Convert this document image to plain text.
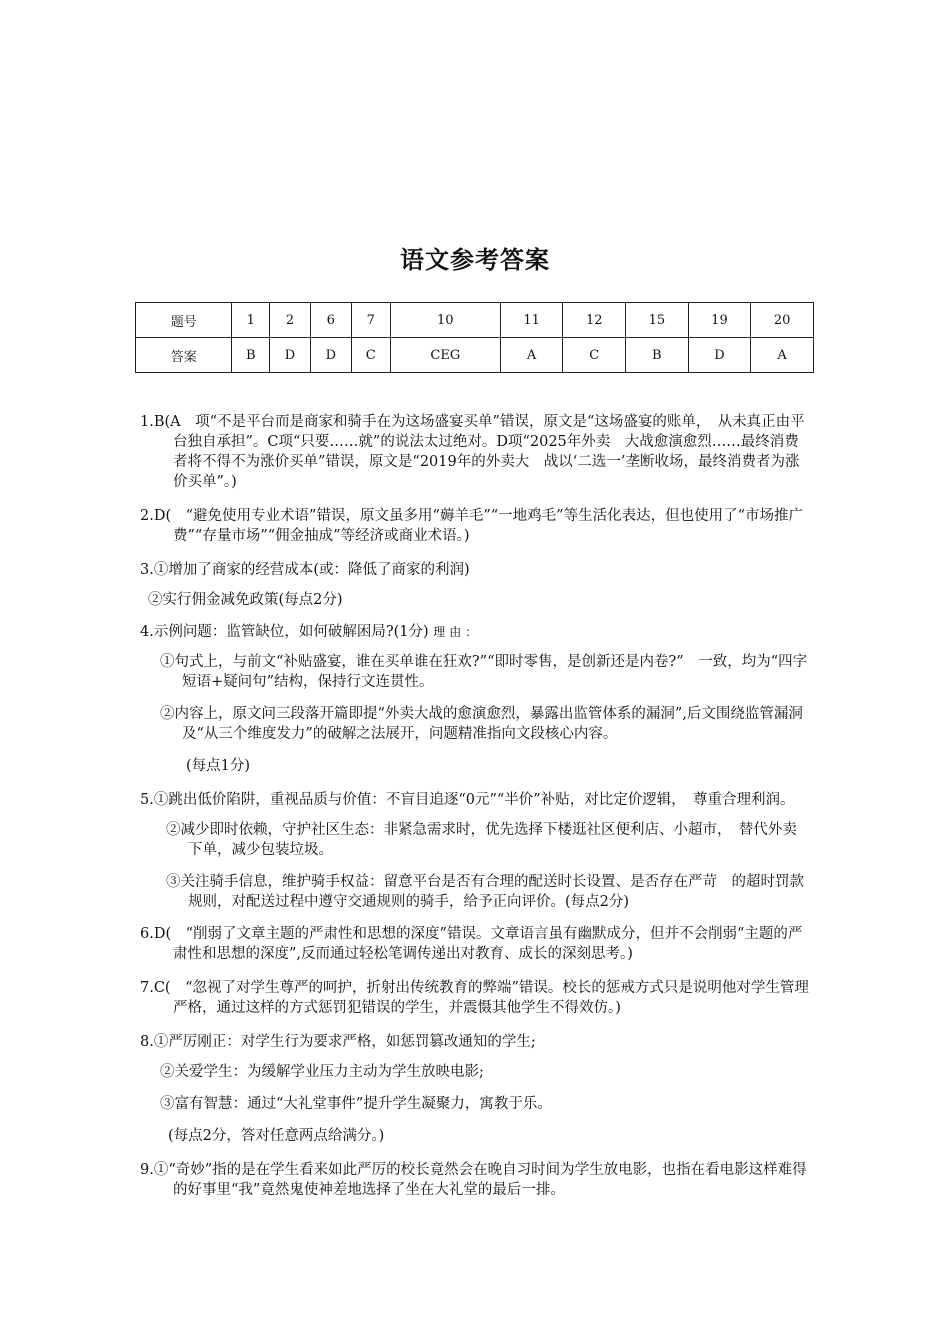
语文参考答案
题号	1	2	6	7	10	11	12	15	19	20
答案	B	D	D	C	CEG	A	C	B	D	A

1.B(A　项“不是平台而是商家和骑手在为这场盛宴买单”错误，原文是“这场盛宴的账单，　从未真正由平台独自承担”。C项“只要……就”的说法太过绝对。D项“2025年外卖　大战愈演愈烈……最终消费者将不得不为涨价买单”错误，原文是“2019年的外卖大　战以‘二选一’垄断收场，最终消费者为涨价买单”。)

2.D(　“避免使用专业术语”错误，原文虽多用“薅羊毛”“一地鸡毛”等生活化表达，但也使用了“市场推广费”“存量市场”“佣金抽成”等经济或商业术语。)

3.①增加了商家的经营成本(或：降低了商家的利润)

②实行佣金减免政策(每点2分)

4.示例问题：监管缺位，如何破解困局?(1分) 理由：

①句式上，与前文“补贴盛宴，谁在买单谁在狂欢?”“即时零售，是创新还是内卷?”　一致，均为“四字短语+疑问句”结构，保持行文连贯性。

②内容上，原文问三段落开篇即提“外卖大战的愈演愈烈，暴露出监管体系的漏洞”,后文围绕监管漏洞及“从三个维度发力”的破解之法展开，问题精准指向文段核心内容。

(每点1分)

5.①跳出低价陷阱，重视品质与价值：不盲目追逐“0元”“半价”补贴，对比定价逻辑，　尊重合理利润。

②减少即时依赖，守护社区生态：非紧急需求时，优先选择下楼逛社区便利店、小超市，　替代外卖下单，减少包装垃圾。

③关注骑手信息，维护骑手权益：留意平台是否有合理的配送时长设置、是否存在严苛　的超时罚款规则，对配送过程中遵守交通规则的骑手，给予正向评价。(每点2分)

6.D(　“削弱了文章主题的严肃性和思想的深度”错误。文章语言虽有幽默成分，但并不会削弱“主题的严肃性和思想的深度”,反而通过轻松笔调传递出对教育、成长的深刻思考。)

7.C(　“忽视了对学生尊严的呵护，折射出传统教育的弊端”错误。校长的惩戒方式只是说明他对学生管理严格，通过这样的方式惩罚犯错误的学生，并震慑其他学生不得效仿。)

8.①严厉刚正：对学生行为要求严格，如惩罚篡改通知的学生;

②关爱学生：为缓解学业压力主动为学生放映电影;

③富有智慧：通过“大礼堂事件”提升学生凝聚力，寓教于乐。

(每点2分，答对任意两点给满分。)

9.①“奇妙”指的是在学生看来如此严厉的校长竟然会在晚自习时间为学生放电影，也指在看电影这样难得的好事里“我”竟然鬼使神差地选择了坐在大礼堂的最后一排。
